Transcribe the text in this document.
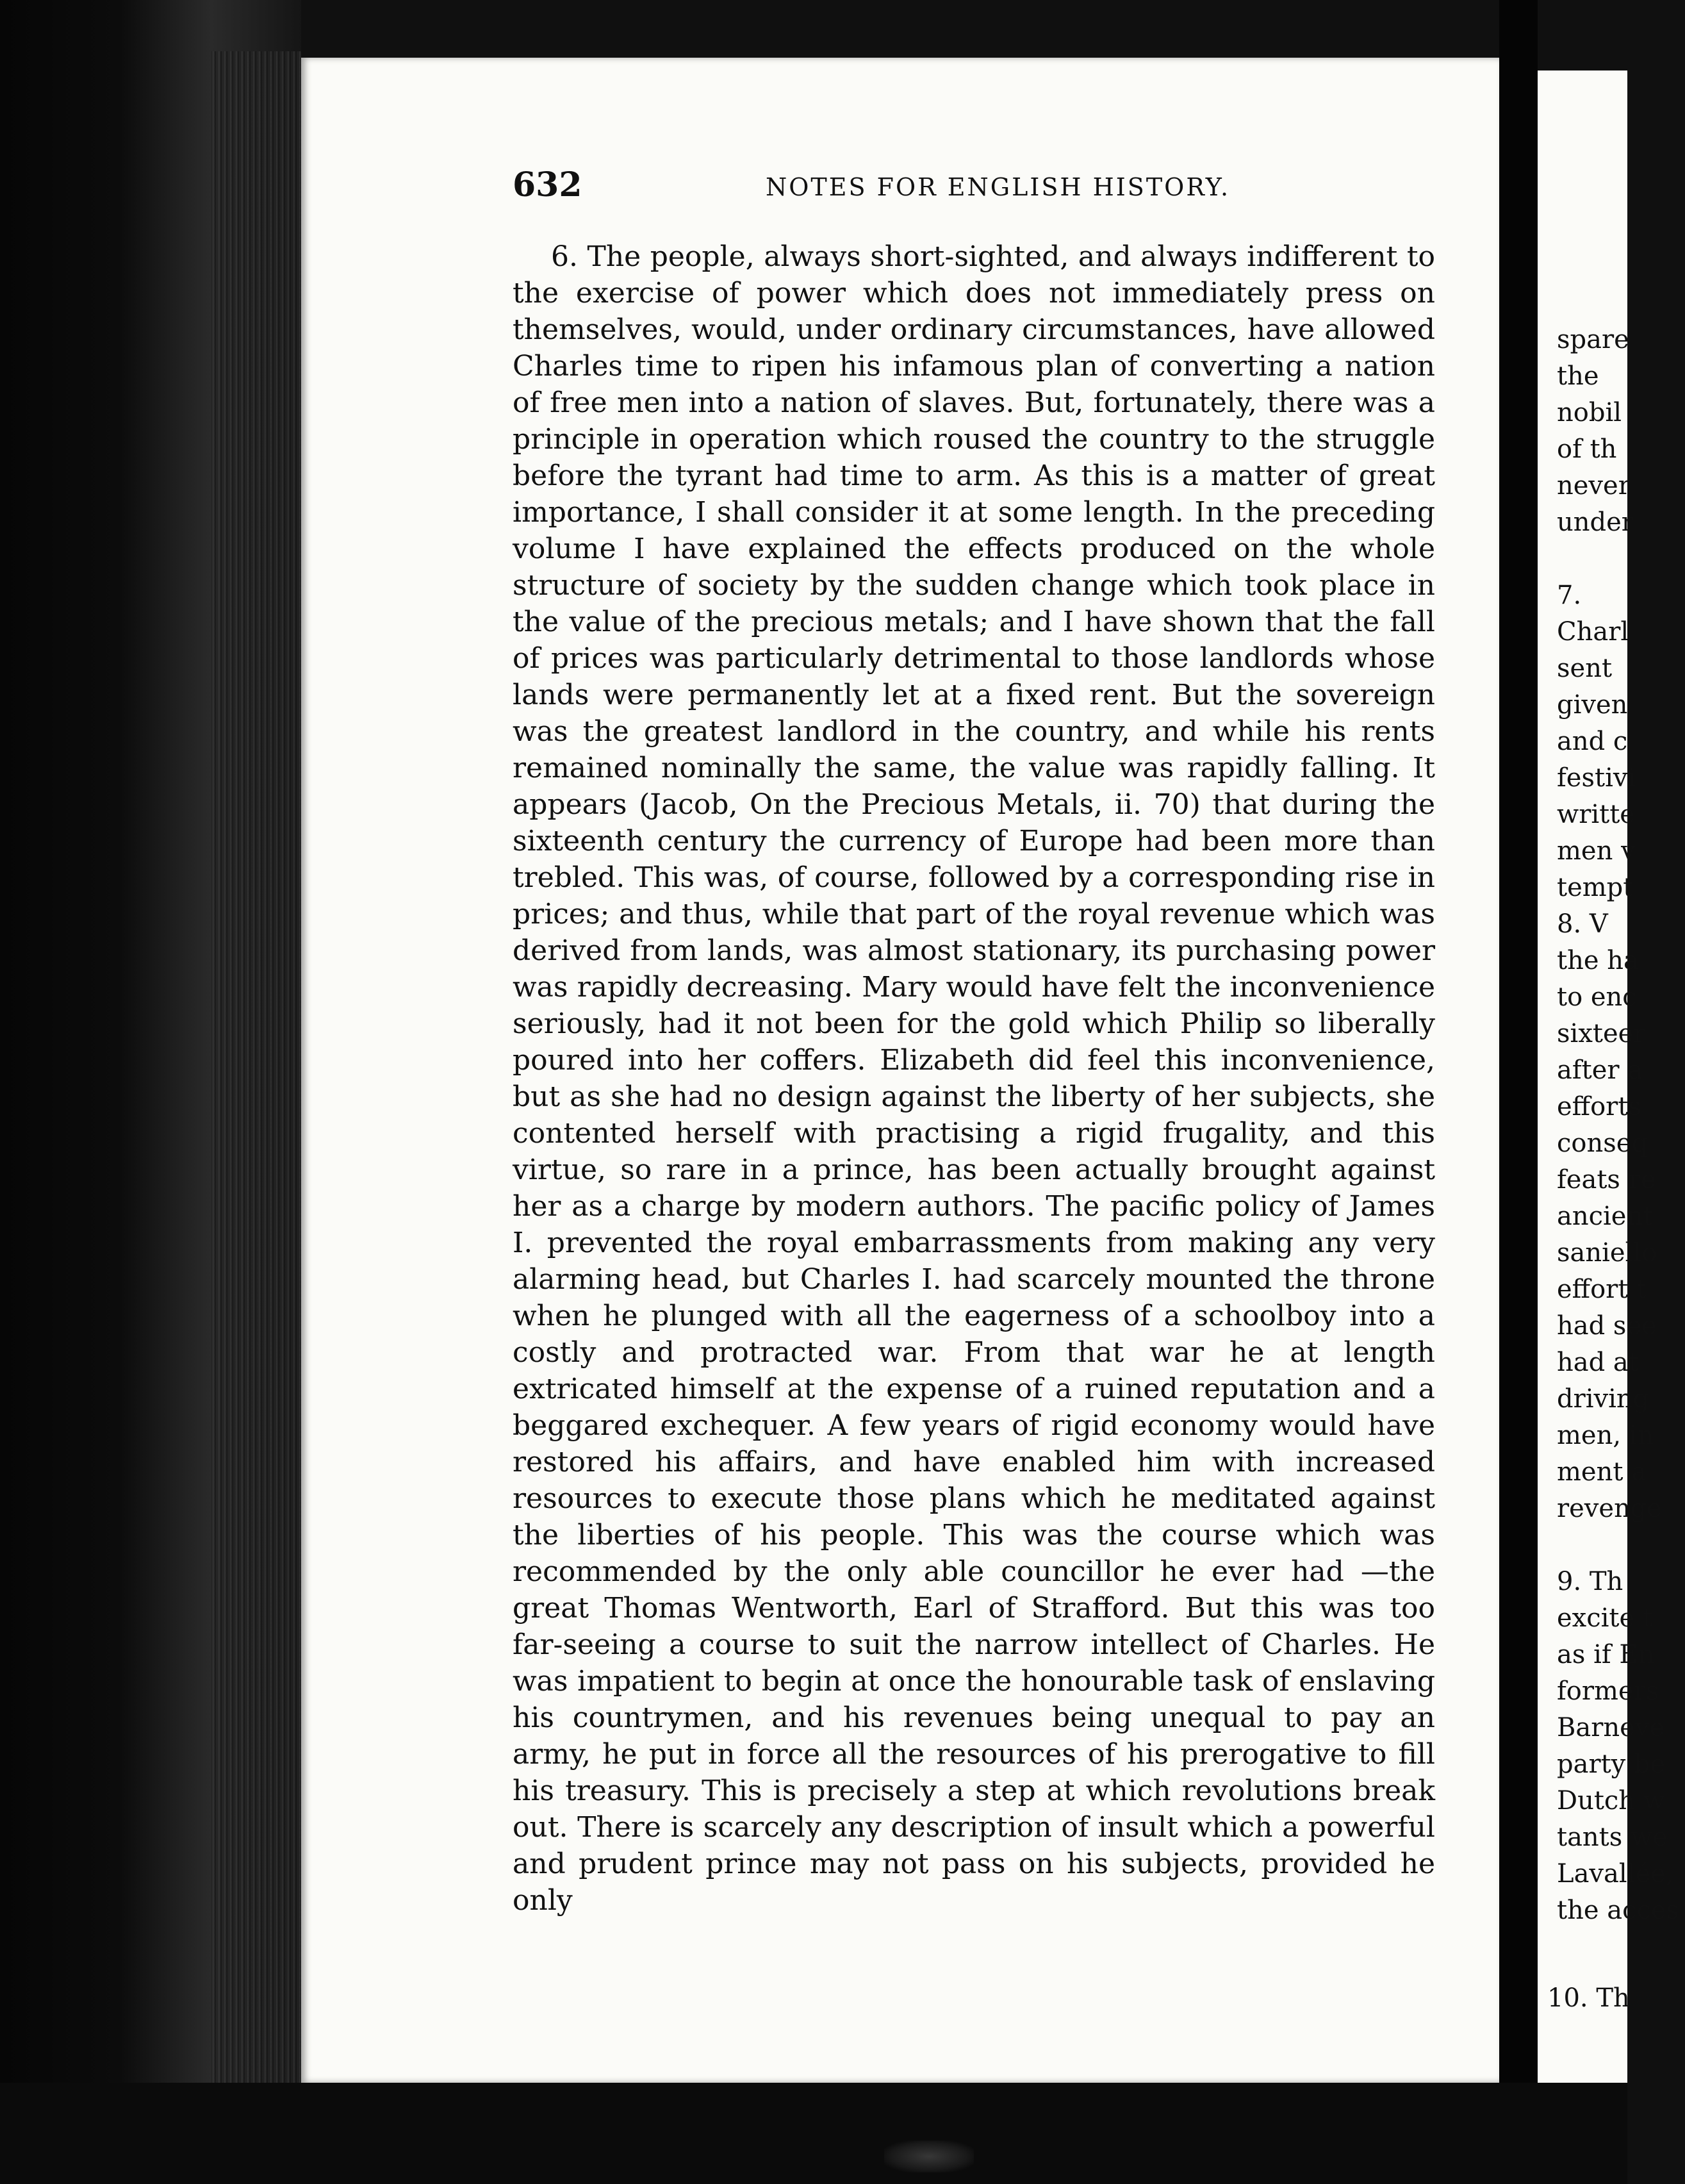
632	NOTES FOR ENGLISH HISTORY.

6. The people, always short-sighted, and always indifferent to the exercise of power which does not immediately press on themselves, would, under ordinary circumstances, have allowed Charles time to ripen his infamous plan of converting a nation of free men into a nation of slaves. But, fortunately, there was a principle in operation which roused the country to the struggle before the tyrant had time to arm. As this is a matter of great importance, I shall consider it at some length. In the preceding volume I have explained the effects produced on the whole structure of society by the sudden change which took place in the value of the precious metals; and I have shown that the fall of prices was particularly detrimental to those landlords whose lands were permanently let at a fixed rent. But the sovereign was the greatest landlord in the country, and while his rents remained nominally the same, the value was rapidly falling. It appears (Jacob, On the Precious Metals, ii. 70) that during the sixteenth century the currency of Europe had been more than trebled. This was, of course, followed by a corresponding rise in prices; and thus, while that part of the royal revenue which was derived from lands, was almost stationary, its purchasing power was rapidly decreasing. Mary would have felt the inconvenience seriously, had it not been for the gold which Philip so liberally poured into her coffers. Elizabeth did feel this inconvenience, but as she had no design against the liberty of her subjects, she contented herself with practising a rigid frugality, and this virtue, so rare in a prince, has been actually brought against her as a charge by modern authors. The pacific policy of James I. prevented the royal embarrassments from making any very alarming head, but Charles I. had scarcely mounted the throne when he plunged with all the eagerness of a schoolboy into a costly and protracted war. From that war he at length extricated himself at the expense of a ruined reputation and a beggared exchequer. A few years of rigid economy would have restored his affairs, and have enabled him with increased resources to execute those plans which he meditated against the liberties of his people. This was the course which was recommended by the only able councillor he ever had —the great Thomas Wentworth, Earl of Strafford. But this was too far-seeing a course to suit the narrow intellect of Charles. He was impatient to begin at once the honourable task of enslaving his countrymen, and his revenues being unequal to pay an army, he put in force all the resources of his prerogative to fill his treasury. This is precisely a step at which revolutions break out. There is scarcely any description of insult which a powerful and prudent prince may not pass on his subjects, provided he only

spare
the
nobil
of th
never
under
7.
Charl
sent
given
and c
festivi
writte
men v
tempt
8. V
the ha
to enc
sixteer
after a
efforts
conseq
feats re
ancient
saniello
effort t
had see
had at
driving
men, in
ment a
revenge
9. Th
excite t
as if En
formers
Barneve
party be
Dutch w
tants we
Lavallée,
the acces
10. Th
